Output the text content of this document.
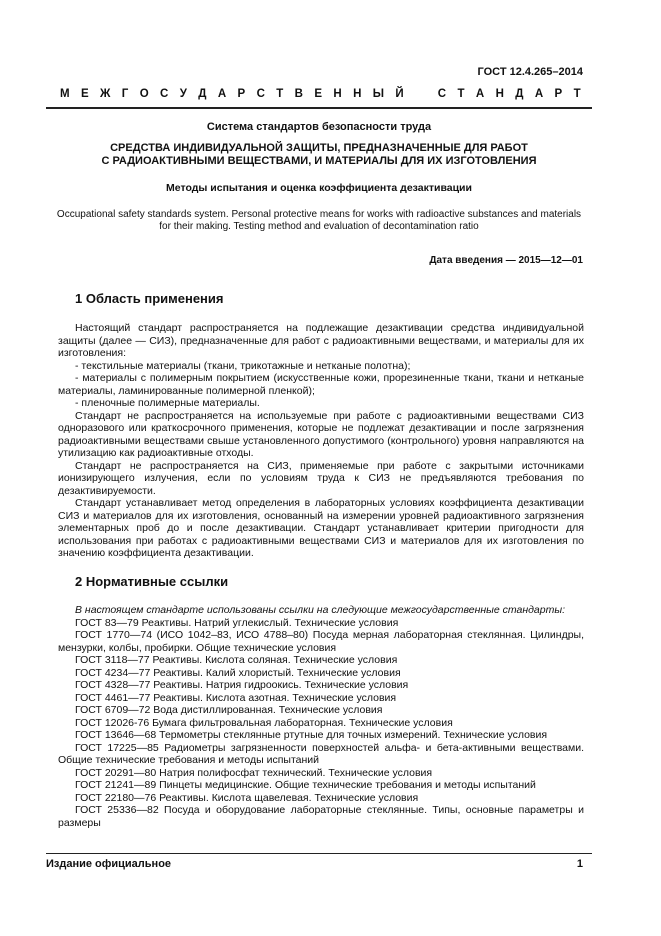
ГОСТ 12.4.265–2014
М Е Ж Г О С У Д А Р С Т В Е Н Н Ы Й	С Т А Н Д А Р Т
Система стандартов безопасности труда
СРЕДСТВА ИНДИВИДУАЛЬНОЙ ЗАЩИТЫ, ПРЕДНАЗНАЧЕННЫЕ ДЛЯ РАБОТ
С РАДИОАКТИВНЫМИ ВЕЩЕСТВАМИ, И МАТЕРИАЛЫ ДЛЯ ИХ ИЗГОТОВЛЕНИЯ
Методы испытания и оценка коэффициента дезактивации
Occupational safety standards system. Personal protective means for works with radioactive substances and materials
for their making. Testing method and evaluation of decontamination ratio
Дата введения — 2015—12—01
1 Область применения

Настоящий стандарт распространяется на подлежащие дезактивации средства индивидуальной защиты (далее — СИЗ), предназначенные для работ с радиоактивными веществами, и материалы для их изготовления:

- текстильные материалы (ткани, трикотажные и нетканые полотна);

- материалы с полимерным покрытием (искусственные кожи, прорезиненные ткани, ткани и нетканые материалы, ламинированные полимерной пленкой);

- пленочные полимерные материалы.

Стандарт не распространяется на используемые при работе с радиоактивными веществами СИЗ одноразового или краткосрочного применения, которые не подлежат дезактивации и после загрязнения радиоактивными веществами свыше установленного допустимого (контрольного) уровня направляются на утилизацию как радиоактивные отходы.

Стандарт не распространяется на СИЗ, применяемые при работе с закрытыми источниками ионизирующего излучения, если по условиям труда к СИЗ не предъявляются требования по дезактивируемости.

Стандарт устанавливает метод определения в лабораторных условиях коэффициента дезактивации СИЗ и материалов для их изготовления, основанный на измерении уровней радиоактивного загрязнения элементарных проб до и после дезактивации. Стандарт устанавливает критерии пригодности для использования при работах с радиоактивными веществами СИЗ и материалов для их изготовления по значению коэффициента дезактивации.

2 Нормативные ссылки

В настоящем стандарте использованы ссылки на следующие межгосударственные стандарты:

ГОСТ 83—79 Реактивы. Натрий углекислый. Технические условия

ГОСТ 1770—74 (ИСО 1042–83, ИСО 4788–80) Посуда мерная лабораторная стеклянная. Цилиндры, мензурки, колбы, пробирки. Общие технические условия

ГОСТ 3118—77 Реактивы. Кислота соляная. Технические условия

ГОСТ 4234—77 Реактивы. Калий хлористый. Технические условия

ГОСТ 4328—77 Реактивы. Натрия гидроокись. Технические условия

ГОСТ 4461—77 Реактивы. Кислота азотная. Технические условия

ГОСТ 6709—72 Вода дистиллированная. Технические условия

ГОСТ 12026-76 Бумага фильтровальная лабораторная. Технические условия

ГОСТ 13646—68 Термометры стеклянные ртутные для точных измерений. Технические условия

ГОСТ 17225—85 Радиометры загрязненности поверхностей альфа- и бета-активными веществами. Общие технические требования и методы испытаний

ГОСТ 20291—80 Натрия полифосфат технический. Технические условия

ГОСТ 21241—89 Пинцеты медицинские. Общие технические требования и методы испытаний

ГОСТ 22180—76 Реактивы. Кислота щавелевая. Технические условия

ГОСТ 25336—82 Посуда и оборудование лабораторные стеклянные. Типы, основные параметры и размеры

Издание официальное	1
